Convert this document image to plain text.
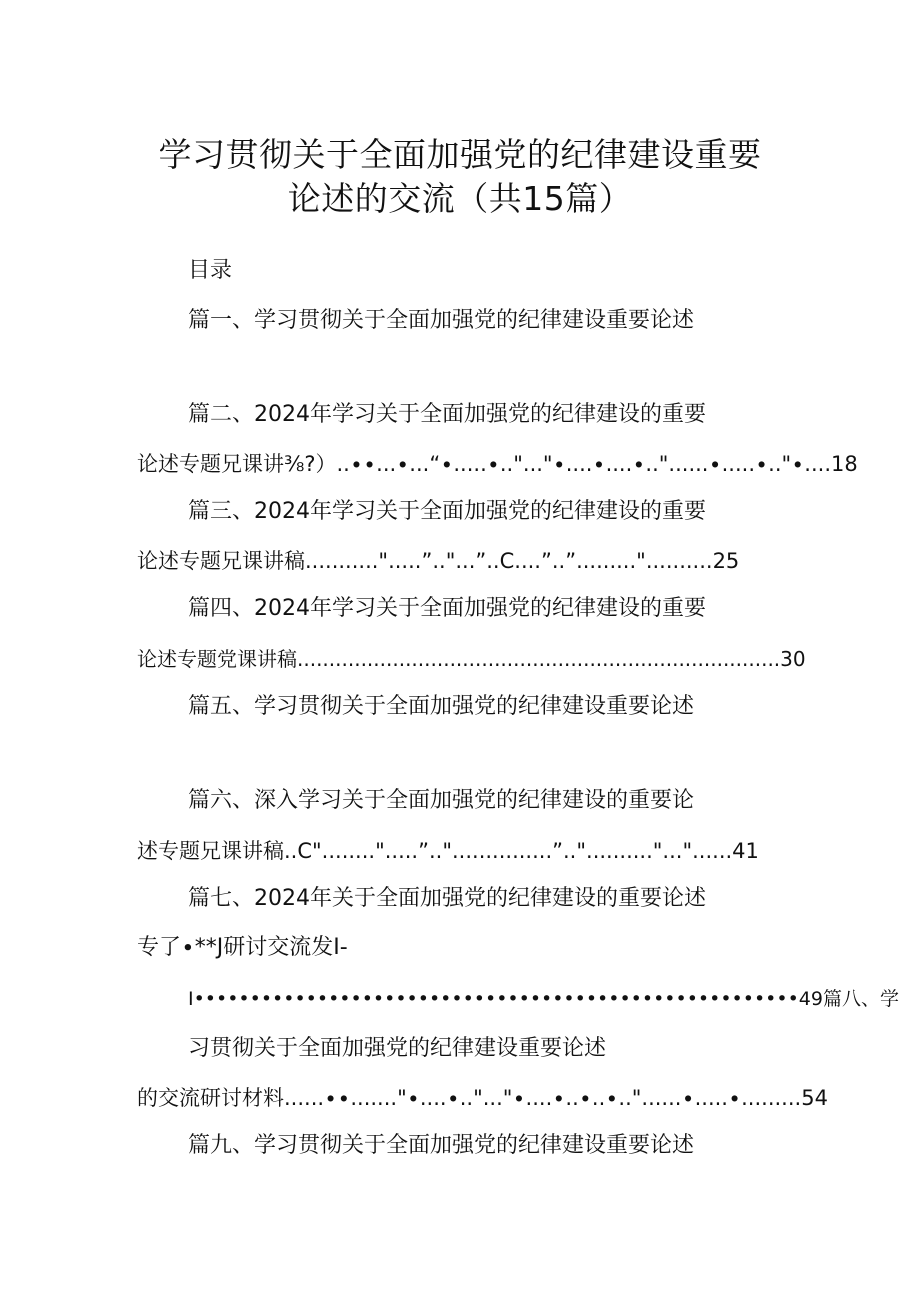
学习贯彻关于全面加强党的纪律建设重要
论述的交流（共15篇）
目录
篇一、学习贯彻关于全面加强党的纪律建设重要论述
篇二、2024年学习关于全面加强党的纪律建设的重要
论述专题兄课讲⅜?）..∙∙...∙...“∙.....∙.."..."∙....∙....∙.."......∙.....∙.."∙....18
篇三、2024年学习关于全面加强党的纪律建设的重要
论述专题兄课讲稿...........".....”.."...”..C....”..”........."..........25
篇四、2024年学习关于全面加强党的纪律建设的重要
论述专题党课讲稿............................................................................30
篇五、学习贯彻关于全面加强党的纪律建设重要论述
篇六、深入学习关于全面加强党的纪律建设的重要论
述专题兄课讲稿..C"........".....”.."...............”..".........."..."......41
篇七、2024年关于全面加强党的纪律建设的重要论述
专了∙**J研讨交流发I-
I••••••••••••••••••••••••••••••••••••••••••••••••••••••49篇八、学
习贯彻关于全面加强党的纪律建设重要论述
的交流研讨材料......∙∙......."∙....∙.."..."∙....∙..∙..∙.."......∙.....∙.........54
篇九、学习贯彻关于全面加强党的纪律建设重要论述
